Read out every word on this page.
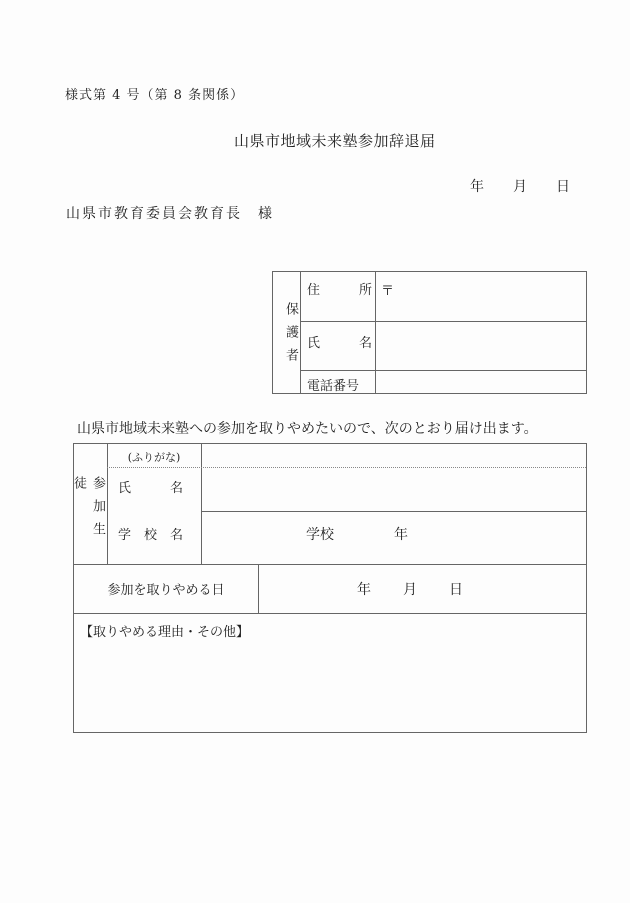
様式第 4 号（第 8 条関係）
山県市地域未来塾参加辞退届
年 月 日
山県市教育委員会教育長　様
保護者
住　　　所 〒
氏　　　名
電話番号
山県市地域未来塾への参加を取りやめたいので、次のとおり届け出ます。
参加生徒
(ふりがな)
氏　　　名
学　校　名	学校	年
参加を取りやめる日	年 月 日
【取りやめる理由・その他】
